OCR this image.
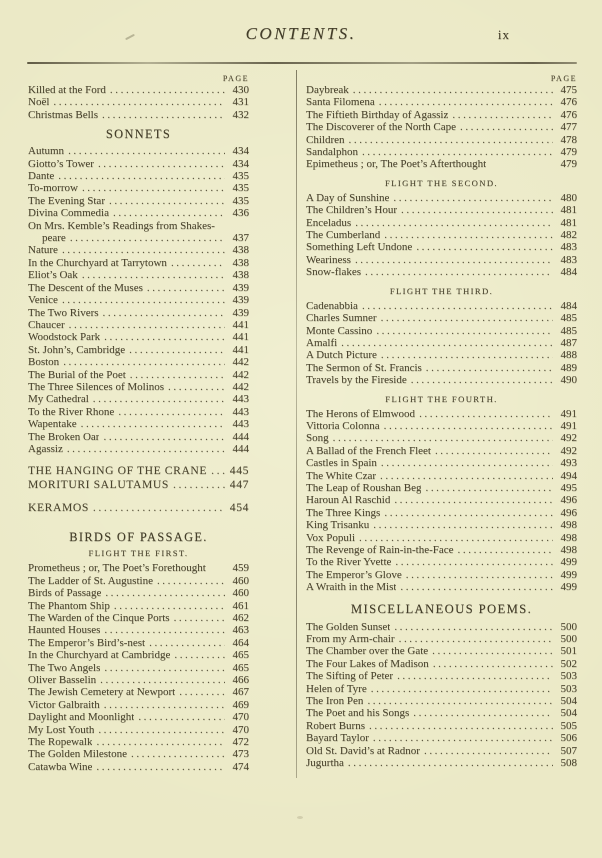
CONTENTS.	ix
PAGE
Killed at the Ford .....	430
Noël .....	431
Christmas Bells .....	432
SONNETS
Autumn .....	434
Giotto’s Tower .....	434
Dante .....	435
To-morrow .....	435
The Evening Star .....	435
Divina Commedia .....	436
On Mrs. Kemble’s Readings from Shakes-
peare .....	437
Nature .....	438
In the Churchyard at Tarrytown .....	438
Eliot’s Oak .....	438
The Descent of the Muses .....	439
Venice .....	439
The Two Rivers .....	439
Chaucer .....	441
Woodstock Park .....	441
St. John’s, Cambridge .....	441
Boston .....	442
The Burial of the Poet .....	442
The Three Silences of Molinos .....	442
My Cathedral .....	443
To the River Rhone .....	443
Wapentake .....	443
The Broken Oar .....	444
Agassiz .....	444
THE HANGING OF THE CRANE .....	445
MORITURI SALUTAMUS .....	447
KERAMOS .....	454
BIRDS OF PASSAGE.
FLIGHT THE FIRST.
Prometheus ; or, The Poet’s Forethought	459
The Ladder of St. Augustine .....	460
Birds of Passage .....	460
The Phantom Ship .....	461
The Warden of the Cinque Ports .....	462
Haunted Houses .....	463
The Emperor’s Bird’s-nest .....	464
In the Churchyard at Cambridge .....	465
The Two Angels .....	465
Oliver Basselin .....	466
The Jewish Cemetery at Newport .....	467
Victor Galbraith .....	469
Daylight and Moonlight .....	470
My Lost Youth .....	470
The Ropewalk .....	472
The Golden Milestone .....	473
Catawba Wine .....	474
PAGE
Daybreak .....	475
Santa Filomena .....	476
The Fiftieth Birthday of Agassiz .....	476
The Discoverer of the North Cape .....	477
Children .....	478
Sandalphon .....	479
Epimetheus ; or, The Poet’s Afterthought	479
FLIGHT THE SECOND.
A Day of Sunshine .....	480
The Children’s Hour .....	481
Enceladus .....	481
The Cumberland .....	482
Something Left Undone .....	483
Weariness .....	483
Snow-flakes .....	484
FLIGHT THE THIRD.
Cadenabbia .....	484
Charles Sumner .....	485
Monte Cassino .....	485
Amalfi .....	487
A Dutch Picture .....	488
The Sermon of St. Francis .....	489
Travels by the Fireside .....	490
FLIGHT THE FOURTH.
The Herons of Elmwood .....	491
Vittoria Colonna .....	491
Song .....	492
A Ballad of the French Fleet .....	492
Castles in Spain .....	493
The White Czar .....	494
The Leap of Roushan Beg .....	495
Haroun Al Raschid .....	496
The Three Kings .....	496
King Trisanku .....	498
Vox Populi .....	498
The Revenge of Rain-in-the-Face .....	498
To the River Yvette .....	499
The Emperor’s Glove .....	499
A Wraith in the Mist .....	499
MISCELLANEOUS POEMS.
The Golden Sunset .....	500
From my Arm-chair .....	500
The Chamber over the Gate .....	501
The Four Lakes of Madison .....	502
The Sifting of Peter .....	503
Helen of Tyre .....	503
The Iron Pen .....	504
The Poet and his Songs .....	504
Robert Burns .....	505
Bayard Taylor .....	506
Old St. David’s at Radnor .....	507
Jugurtha .....	508
